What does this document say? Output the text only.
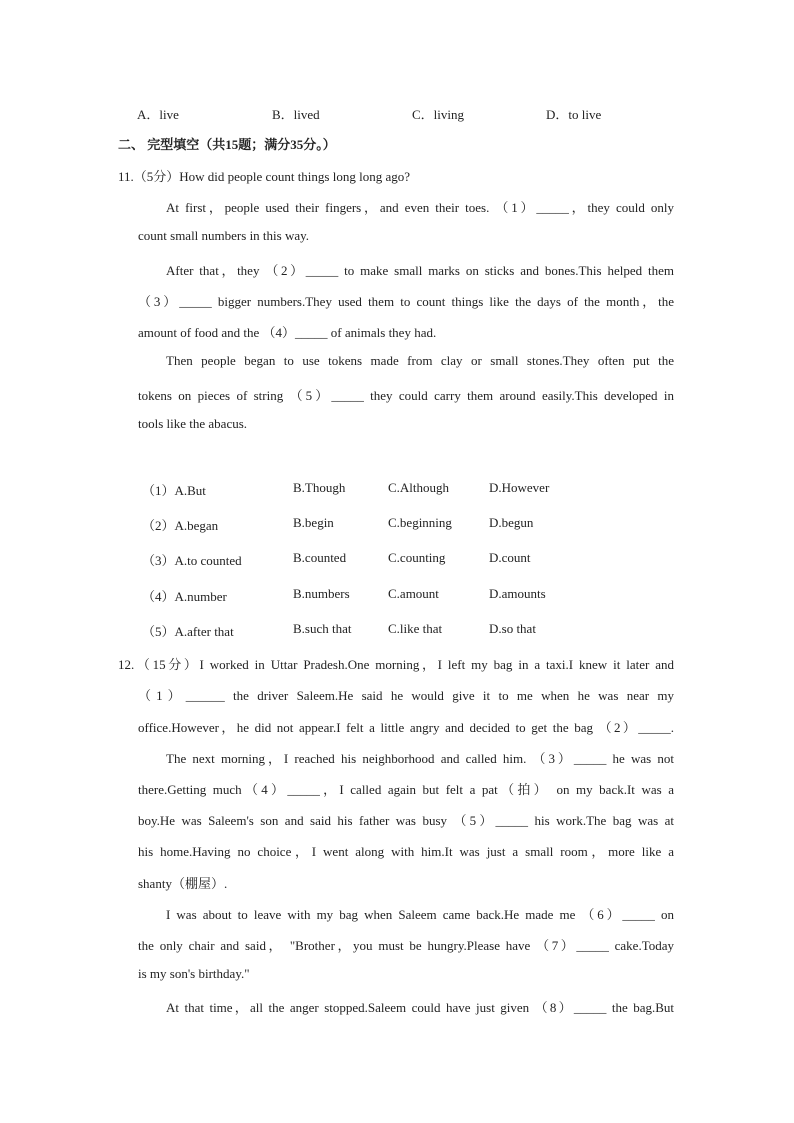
A．live	B．lived	C．living	D．to live
二、 完型填空（共15题；满分35分。）
11.（5分）How did people count things long long ago?
At first，people used their fingers，and even their toes. （1）_____，they could only
count small numbers in this way.
After that，they （2）_____ to make small marks on sticks and bones.This helped them
（3）_____ bigger numbers.They used them to count things like the days of the month，the
amount of food and the （4）_____ of animals they had.
Then people began to use tokens made from clay or small stones.They often put the
tokens on pieces of string （5）_____ they could carry them around easily.This developed in
tools like the abacus.
（1）A.But	B.Though	C.Although	D.However
（2）A.began	B.begin	C.beginning	D.begun
（3）A.to counted	B.counted	C.counting	D.count
（4）A.number	B.numbers	C.amount	D.amounts
（5）A.after that	B.such that	C.like that	D.so that
12.（15分）I worked in Uttar Pradesh.One morning，I left my bag in a taxi.I knew it later and
（1）______ the driver Saleem.He said he would give it to me when he was near my
office.However，he did not appear.I felt a little angry and decided to get the bag （2）_____.
The next morning，I reached his neighborhood and called him. （3）_____ he was not
there.Getting much（4）_____，I called again but felt a pat（拍） on my back.It was a
boy.He was Saleem's son and said his father was busy （5）_____ his work.The bag was at
his home.Having no choice，I went along with him.It was just a small room，more like a
shanty（棚屋）.
I was about to leave with my bag when Saleem came back.He made me （6）_____ on
the only chair and said， "Brother，you must be hungry.Please have （7）_____ cake.Today
is my son's birthday."
At that time，all the anger stopped.Saleem could have just given （8）_____ the bag.But
